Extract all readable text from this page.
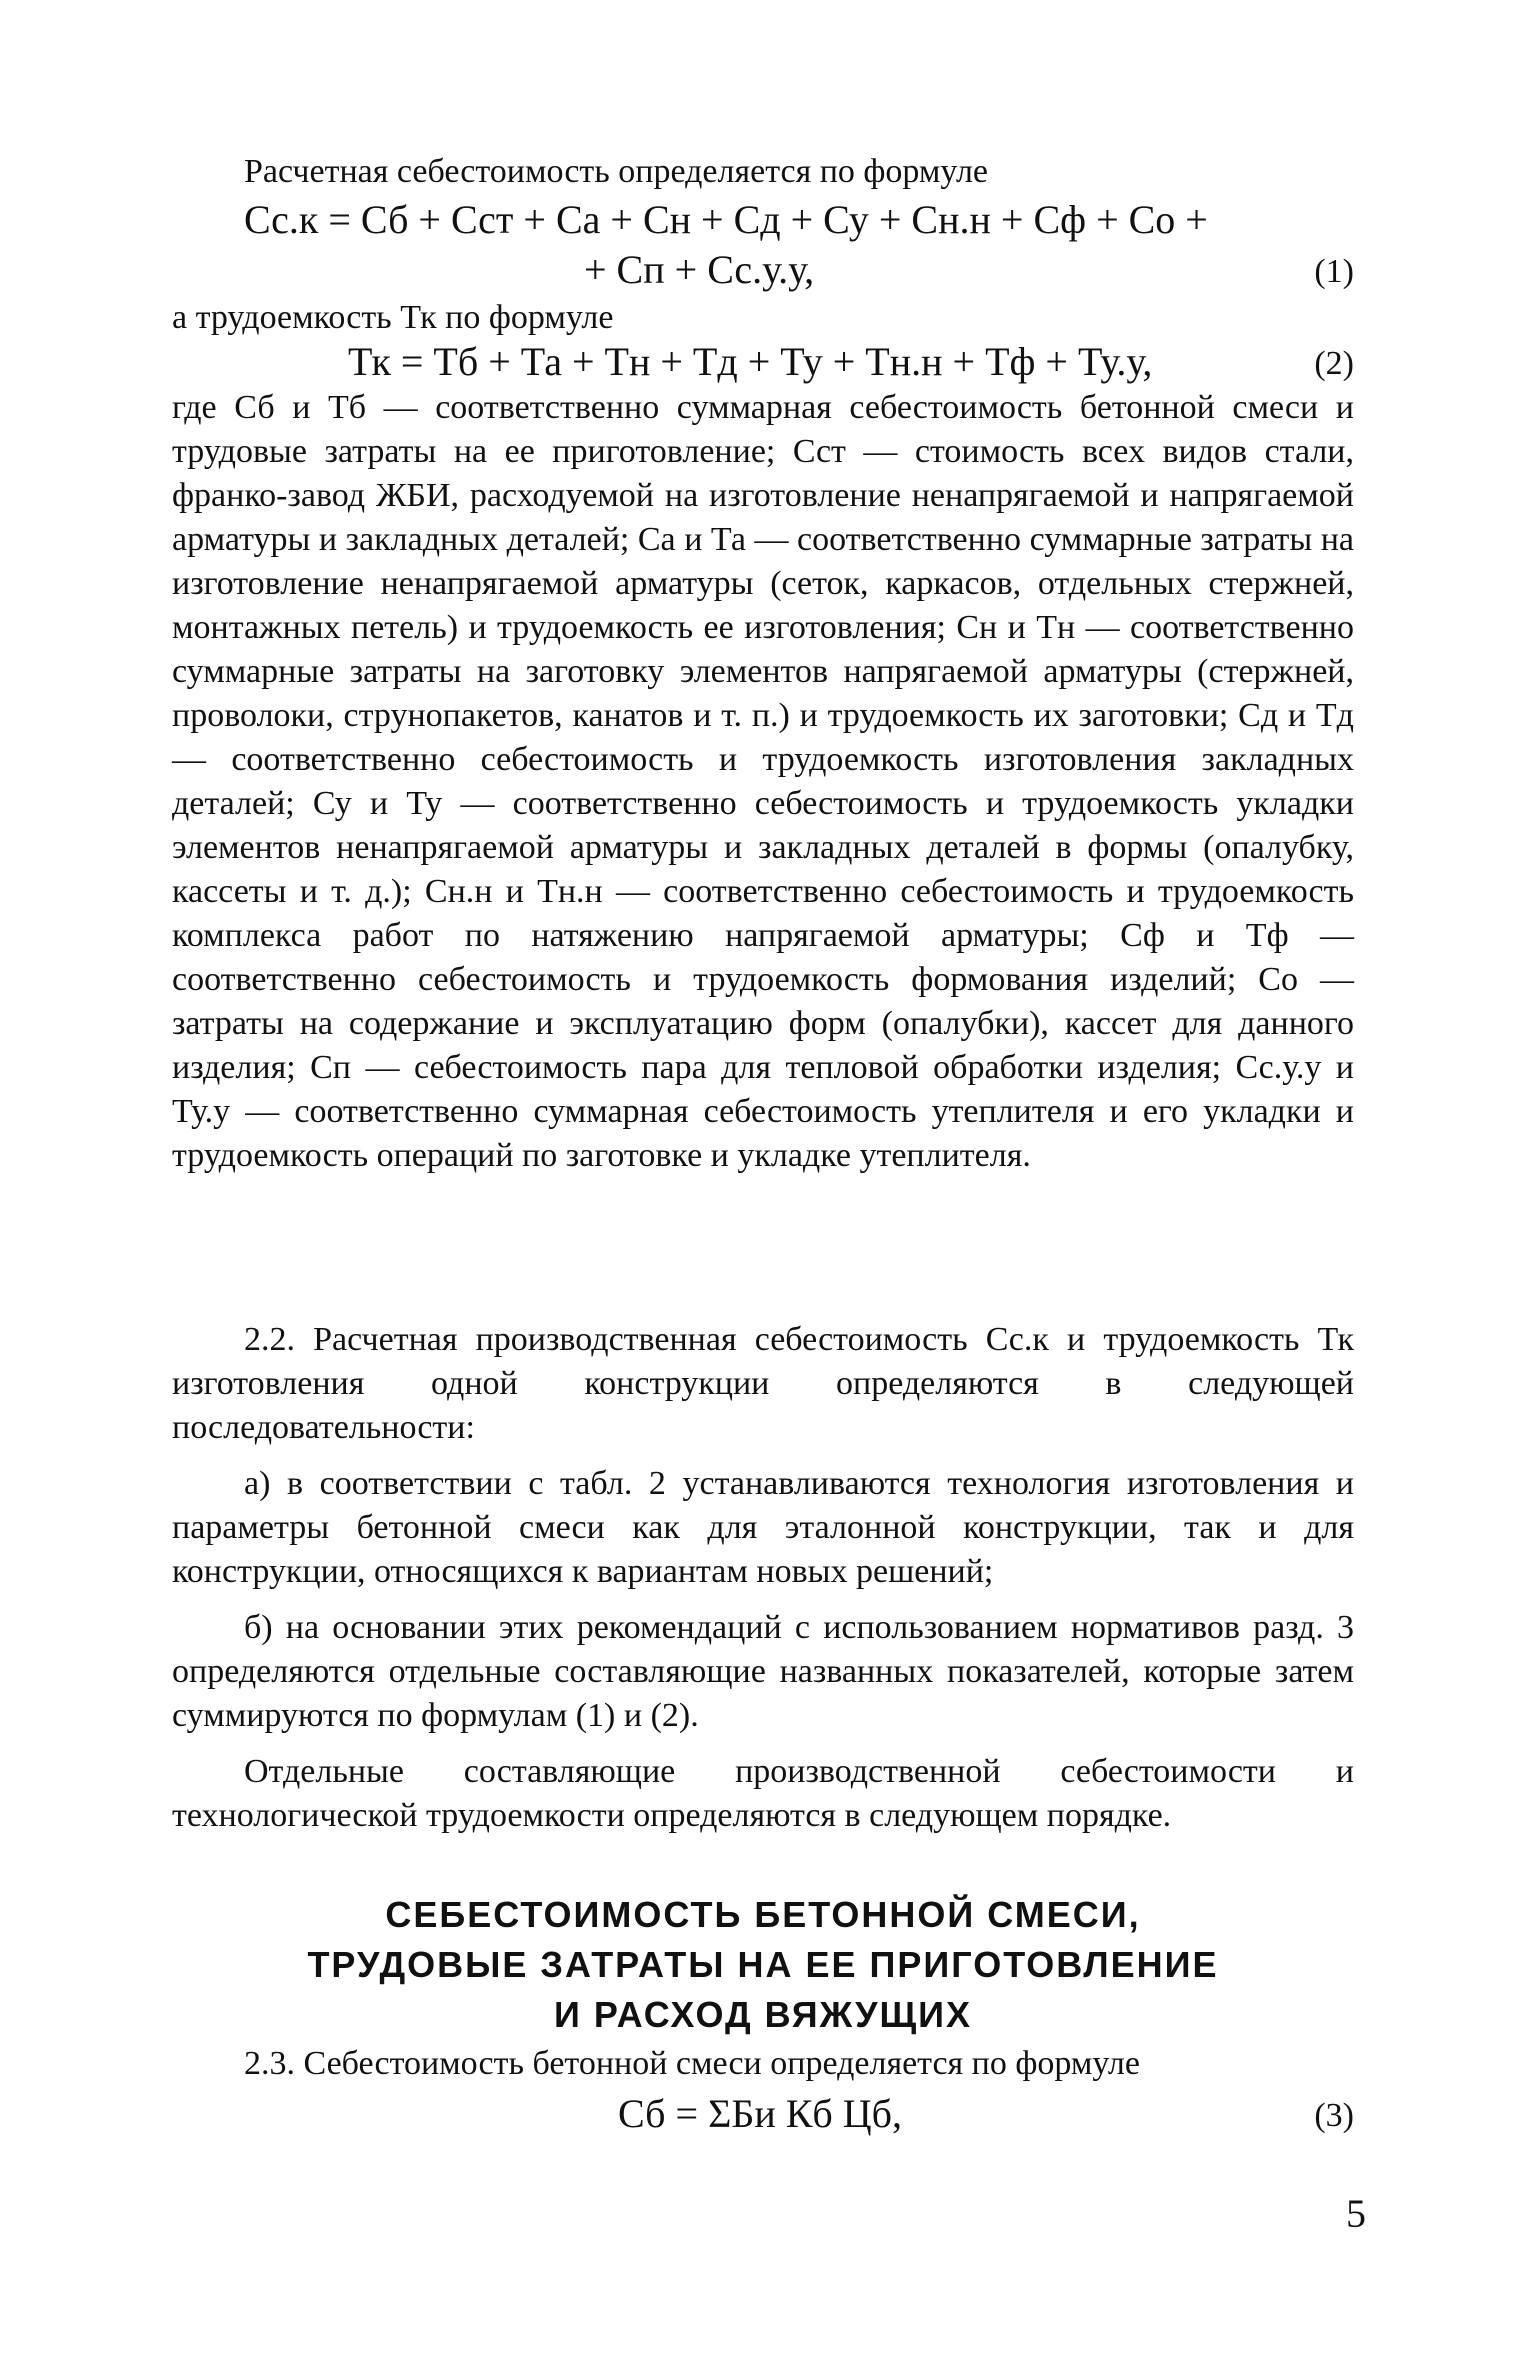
Расчетная себестоимость определяется по формуле
Сс.к = Сб + Сст + Са + Сн + Сд + Су + Сн.н + Сф + Со +
+ Сп + Сс.у.у,	(1)
а трудоемкость Тк по формуле
Тк = Тб + Та + Тн + Тд + Ту + Тн.н + Тф + Ту.у,	(2)

где Сб и Тб — соответственно суммарная себестоимость бетонной смеси и трудовые затраты на ее приготовление; Сст — стоимость всех видов стали, франко-завод ЖБИ, расходуемой на изготовление ненапрягаемой и напрягаемой арматуры и закладных деталей; Са и Та — соответственно суммарные затраты на изготовление ненапрягаемой арматуры (сеток, каркасов, отдельных стержней, монтажных петель) и трудоемкость ее изготовления; Сн и Тн — соответственно суммарные затраты на заготовку элементов напрягаемой арматуры (стержней, проволоки, струнопакетов, канатов и т. п.) и трудоемкость их заготовки; Сд и Тд — соответственно себестоимость и трудоемкость изготовления закладных деталей; Су и Ту — соответственно себестоимость и трудоемкость укладки элементов ненапрягаемой арматуры и закладных деталей в формы (опалубку, кассеты и т. д.); Сн.н и Тн.н — соответственно себестоимость и трудоемкость комплекса работ по натяжению напрягаемой арматуры; Сф и Тф — соответственно себестоимость и трудоемкость формования изделий; Со — затраты на содержание и эксплуатацию форм (опалубки), кассет для данного изделия; Сп — себестоимость пара для тепловой обработки изделия; Сс.у.у и Ту.у — соответственно суммарная себестоимость утеплителя и его укладки и трудоемкость операций по заготовке и укладке утеплителя.

2.2. Расчетная производственная себестоимость Сс.к и трудоемкость Тк изготовления одной конструкции определяются в следующей последовательности:

а) в соответствии с табл. 2 устанавливаются технология изготовления и параметры бетонной смеси как для эталонной конструкции, так и для конструкции, относящихся к вариантам новых решений;

б) на основании этих рекомендаций с использованием нормативов разд. 3 определяются отдельные составляющие названных показателей, которые затем суммируются по формулам (1) и (2).

Отдельные составляющие производственной себестоимости и технологической трудоемкости определяются в следующем порядке.

СЕБЕСТОИМОСТЬ БЕТОННОЙ СМЕСИ,
ТРУДОВЫЕ ЗАТРАТЫ НА ЕЕ ПРИГОТОВЛЕНИЕ
И РАСХОД ВЯЖУЩИХ
2.3. Себестоимость бетонной смеси определяется по формуле
Сб = ΣБи Кб Цб,	(3)
5
